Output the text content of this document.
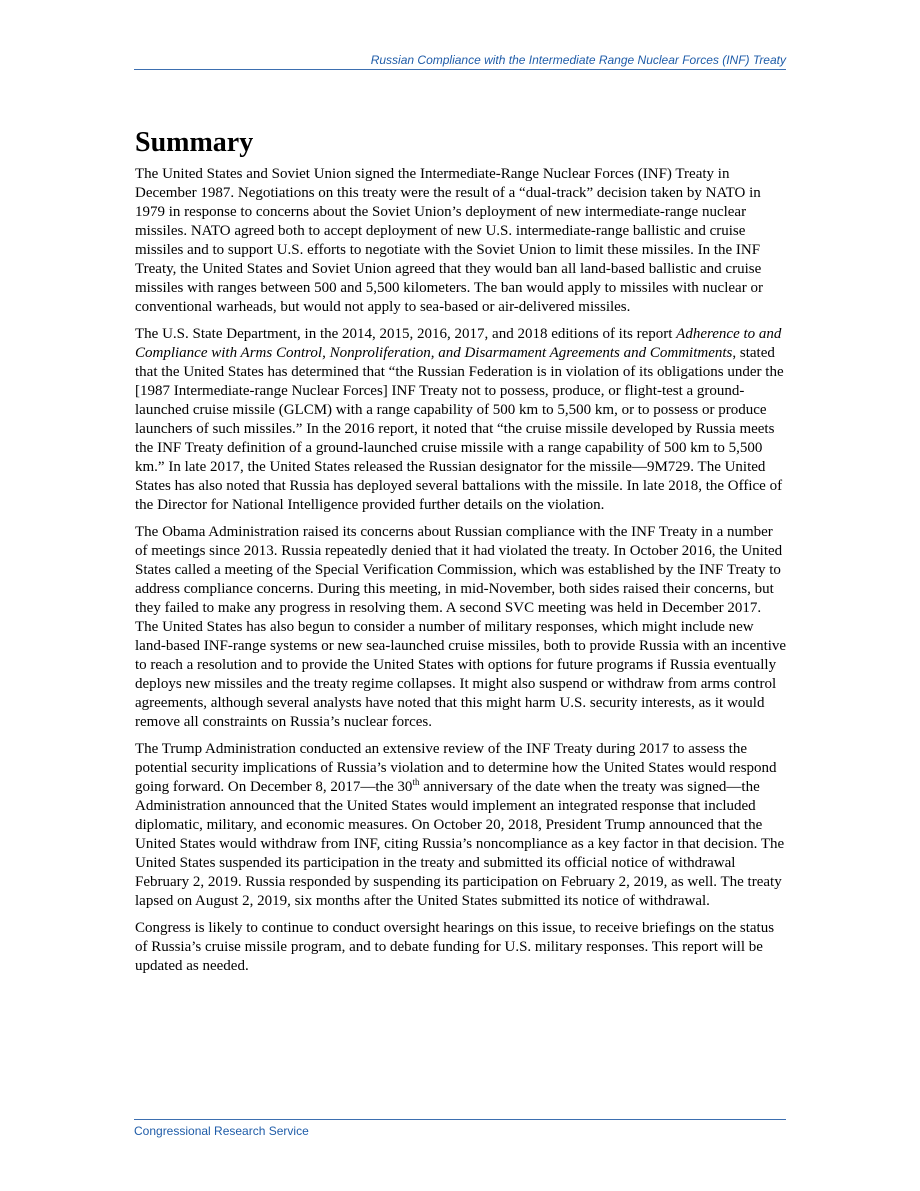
Russian Compliance with the Intermediate Range Nuclear Forces (INF) Treaty
Summary

The United States and Soviet Union signed the Intermediate-Range Nuclear Forces (INF) Treaty in December 1987. Negotiations on this treaty were the result of a “dual-track” decision taken by NATO in 1979 in response to concerns about the Soviet Union’s deployment of new intermediate-range nuclear missiles. NATO agreed both to accept deployment of new U.S. intermediate-range ballistic and cruise missiles and to support U.S. efforts to negotiate with the Soviet Union to limit these missiles. In the INF Treaty, the United States and Soviet Union agreed that they would ban all land-based ballistic and cruise missiles with ranges between 500 and 5,500 kilometers. The ban would apply to missiles with nuclear or conventional warheads, but would not apply to sea-based or air-delivered missiles.

The U.S. State Department, in the 2014, 2015, 2016, 2017, and 2018 editions of its report Adherence to and Compliance with Arms Control, Nonproliferation, and Disarmament Agreements and Commitments, stated that the United States has determined that “the Russian Federation is in violation of its obligations under the [1987 Intermediate-range Nuclear Forces] INF Treaty not to possess, produce, or flight-test a ground-launched cruise missile (GLCM) with a range capability of 500 km to 5,500 km, or to possess or produce launchers of such missiles.” In the 2016 report, it noted that “the cruise missile developed by Russia meets the INF Treaty definition of a ground-launched cruise missile with a range capability of 500 km to 5,500 km.” In late 2017, the United States released the Russian designator for the missile—9M729. The United States has also noted that Russia has deployed several battalions with the missile. In late 2018, the Office of the Director for National Intelligence provided further details on the violation.

The Obama Administration raised its concerns about Russian compliance with the INF Treaty in a number of meetings since 2013. Russia repeatedly denied that it had violated the treaty. In October 2016, the United States called a meeting of the Special Verification Commission, which was established by the INF Treaty to address compliance concerns. During this meeting, in mid-November, both sides raised their concerns, but they failed to make any progress in resolving them. A second SVC meeting was held in December 2017. The United States has also begun to consider a number of military responses, which might include new land-based INF-range systems or new sea-launched cruise missiles, both to provide Russia with an incentive to reach a resolution and to provide the United States with options for future programs if Russia eventually deploys new missiles and the treaty regime collapses. It might also suspend or withdraw from arms control agreements, although several analysts have noted that this might harm U.S. security interests, as it would remove all constraints on Russia’s nuclear forces.

The Trump Administration conducted an extensive review of the INF Treaty during 2017 to assess the potential security implications of Russia’s violation and to determine how the United States would respond going forward. On December 8, 2017—the 30th anniversary of the date when the treaty was signed—the Administration announced that the United States would implement an integrated response that included diplomatic, military, and economic measures. On October 20, 2018, President Trump announced that the United States would withdraw from INF, citing Russia’s noncompliance as a key factor in that decision. The United States suspended its participation in the treaty and submitted its official notice of withdrawal February 2, 2019. Russia responded by suspending its participation on February 2, 2019, as well. The treaty lapsed on August 2, 2019, six months after the United States submitted its notice of withdrawal.

Congress is likely to continue to conduct oversight hearings on this issue, to receive briefings on the status of Russia’s cruise missile program, and to debate funding for U.S. military responses. This report will be updated as needed.

Congressional Research Service
